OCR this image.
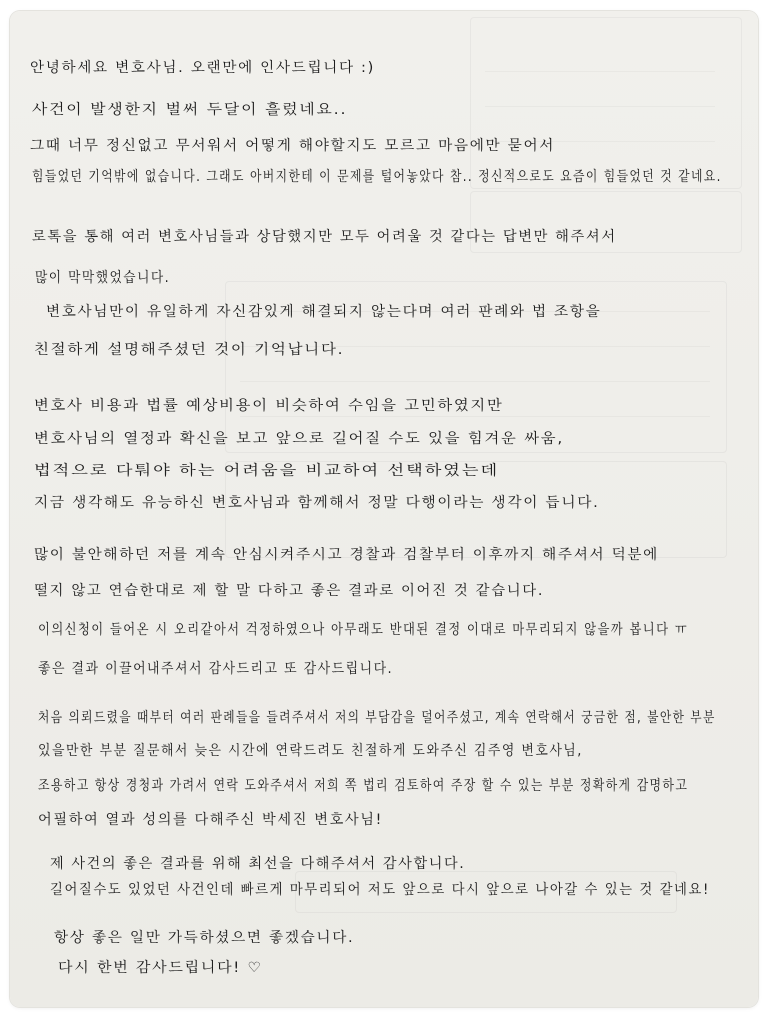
안녕하세요 변호사님. 오랜만에 인사드립니다 :)
사건이 발생한지 벌써 두달이 흘렀네요..
그때 너무 정신없고 무서워서 어떻게 해야할지도 모르고 마음에만 묻어서
힘들었던 기억밖에 없습니다. 그래도 아버지한테 이 문제를 털어놓았다 참.. 정신적으로도 요즘이 힘들었던 것 같네요.
로톡을 통해 여러 변호사님들과 상담했지만 모두 어려울 것 같다는 답변만 해주셔서
많이 막막했었습니다.
변호사님만이 유일하게 자신감있게 해결되지 않는다며 여러 판례와 법 조항을
친절하게 설명해주셨던 것이 기억납니다.
변호사 비용과 법률 예상비용이 비슷하여 수임을 고민하였지만
변호사님의 열정과 확신을 보고 앞으로 길어질 수도 있을 힘겨운 싸움,
법적으로 다퉈야 하는 어려움을 비교하여 선택하였는데
지금 생각해도 유능하신 변호사님과 함께해서 정말 다행이라는 생각이 듭니다.
많이 불안해하던 저를 계속 안심시켜주시고 경찰과 검찰부터 이후까지 해주셔서 덕분에
떨지 않고 연습한대로 제 할 말 다하고 좋은 결과로 이어진 것 같습니다.
이의신청이 들어온 시 오리같아서 걱정하였으나 아무래도 반대된 결정 이대로 마무리되지 않을까 봅니다 ㅠ
좋은 결과 이끌어내주셔서 감사드리고 또 감사드립니다.
처음 의뢰드렸을 때부터 여러 판례들을 들려주셔서 저의 부담감을 덜어주셨고, 계속 연락해서 궁금한 점, 불안한 부분
있을만한 부분 질문해서 늦은 시간에 연락드려도 친절하게 도와주신 김주영 변호사님,
조용하고 항상 경청과 가려서 연락 도와주셔서 저희 쪽 법리 검토하여 주장 할 수 있는 부분 정확하게 감명하고
어필하여 열과 성의를 다해주신 박세진 변호사님!
제 사건의 좋은 결과를 위해 최선을 다해주셔서 감사합니다.
길어질수도 있었던 사건인데 빠르게 마무리되어 저도 앞으로 다시 앞으로 나아갈 수 있는 것 같네요!
항상 좋은 일만 가득하셨으면 좋겠습니다.
다시 한번 감사드립니다! ♡
